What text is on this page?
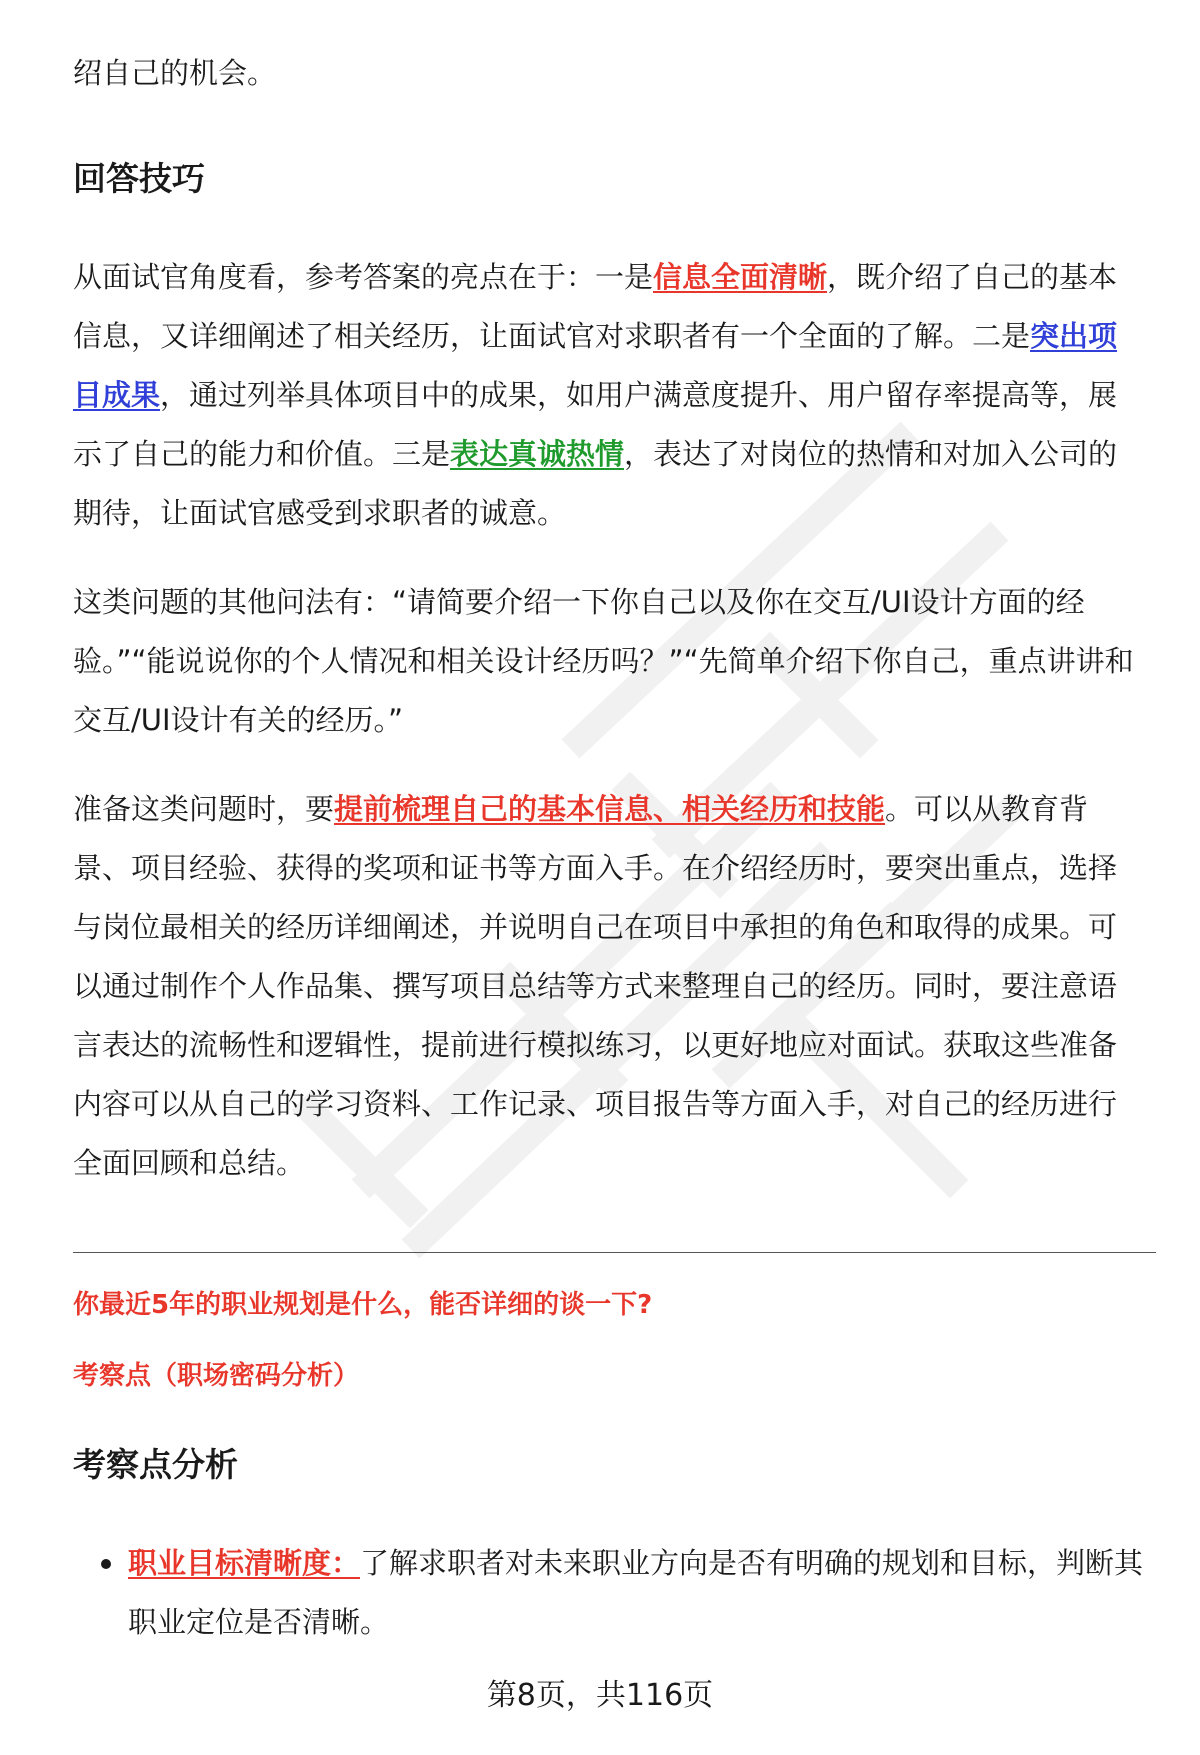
绍自己的机会。

回答技巧

从面试官角度看，参考答案的亮点在于：一是信息全面清晰，既介绍了自己的基本信息，又详细阐述了相关经历，让面试官对求职者有一个全面的了解。二是突出项目成果，通过列举具体项目中的成果，如用户满意度提升、用户留存率提高等，展示了自己的能力和价值。三是表达真诚热情，表达了对岗位的热情和对加入公司的期待，让面试官感受到求职者的诚意。

这类问题的其他问法有：“请简要介绍一下你自己以及你在交互/UI设计方面的经验。”“能说说你的个人情况和相关设计经历吗？”“先简单介绍下你自己，重点讲讲和交互/UI设计有关的经历。”

准备这类问题时，要提前梳理自己的基本信息、相关经历和技能。可以从教育背景、项目经验、获得的奖项和证书等方面入手。在介绍经历时，要突出重点，选择与岗位最相关的经历详细阐述，并说明自己在项目中承担的角色和取得的成果。可以通过制作个人作品集、撰写项目总结等方式来整理自己的经历。同时，要注意语言表达的流畅性和逻辑性，提前进行模拟练习，以更好地应对面试。获取这些准备内容可以从自己的学习资料、工作记录、项目报告等方面入手，对自己的经历进行全面回顾和总结。

你最近5年的职业规划是什么，能否详细的谈一下?
考察点（职场密码分析）
考察点分析

职业目标清晰度：了解求职者对未来职业方向是否有明确的规划和目标，判断其职业定位是否清晰。

第8页，共116页
